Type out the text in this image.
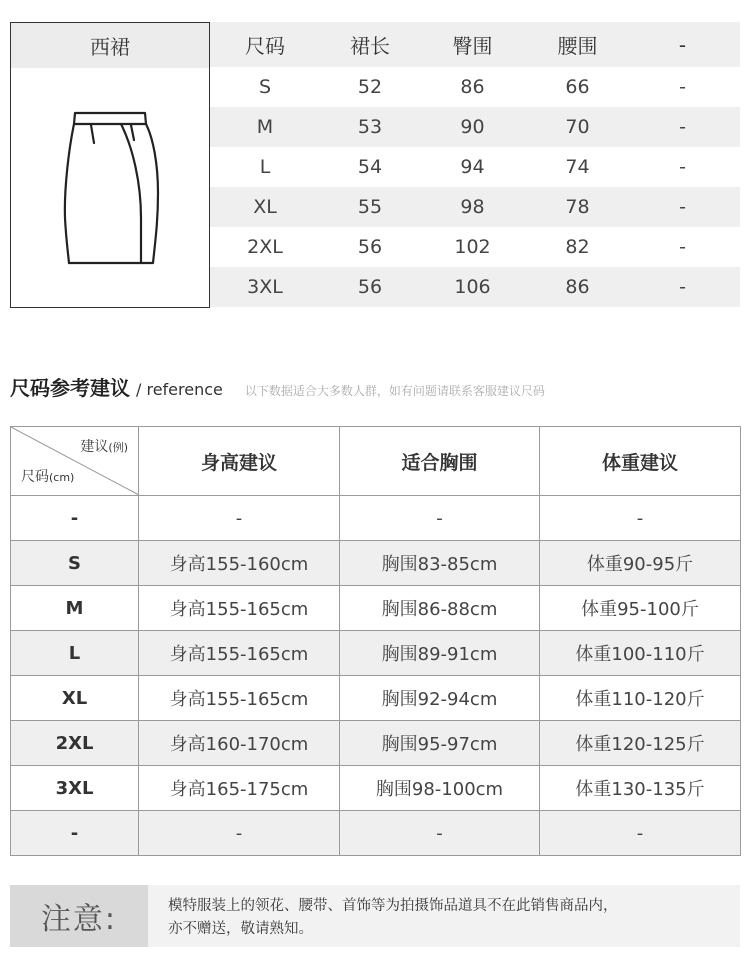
西裙	尺码	裙长	臀围	腰围	-
S	52	86	66	-
M	53	90	70	-
L	54	94	74	-
XL	55	98	78	-
2XL	56	102	82	-
3XL	56	106	86	-
尺码参考建议 / reference 以下数据适合大多数人群，如有问题请联系客服建议尺码
建议(例)
尺码(cm)	身高建议	适合胸围	体重建议
-	-	-	-
S	身高155-160cm	胸围83-85cm	体重90-95斤
M	身高155-165cm	胸围86-88cm	体重95-100斤
L	身高155-165cm	胸围89-91cm	体重100-110斤
XL	身高155-165cm	胸围92-94cm	体重110-120斤
2XL	身高160-170cm	胸围95-97cm	体重120-125斤
3XL	身高165-175cm	胸围98-100cm	体重130-135斤
-	-	-	-
注意:	模特服装上的领花、腰带、首饰等为拍摄饰品道具不在此销售商品内，
亦不赠送，敬请熟知。
